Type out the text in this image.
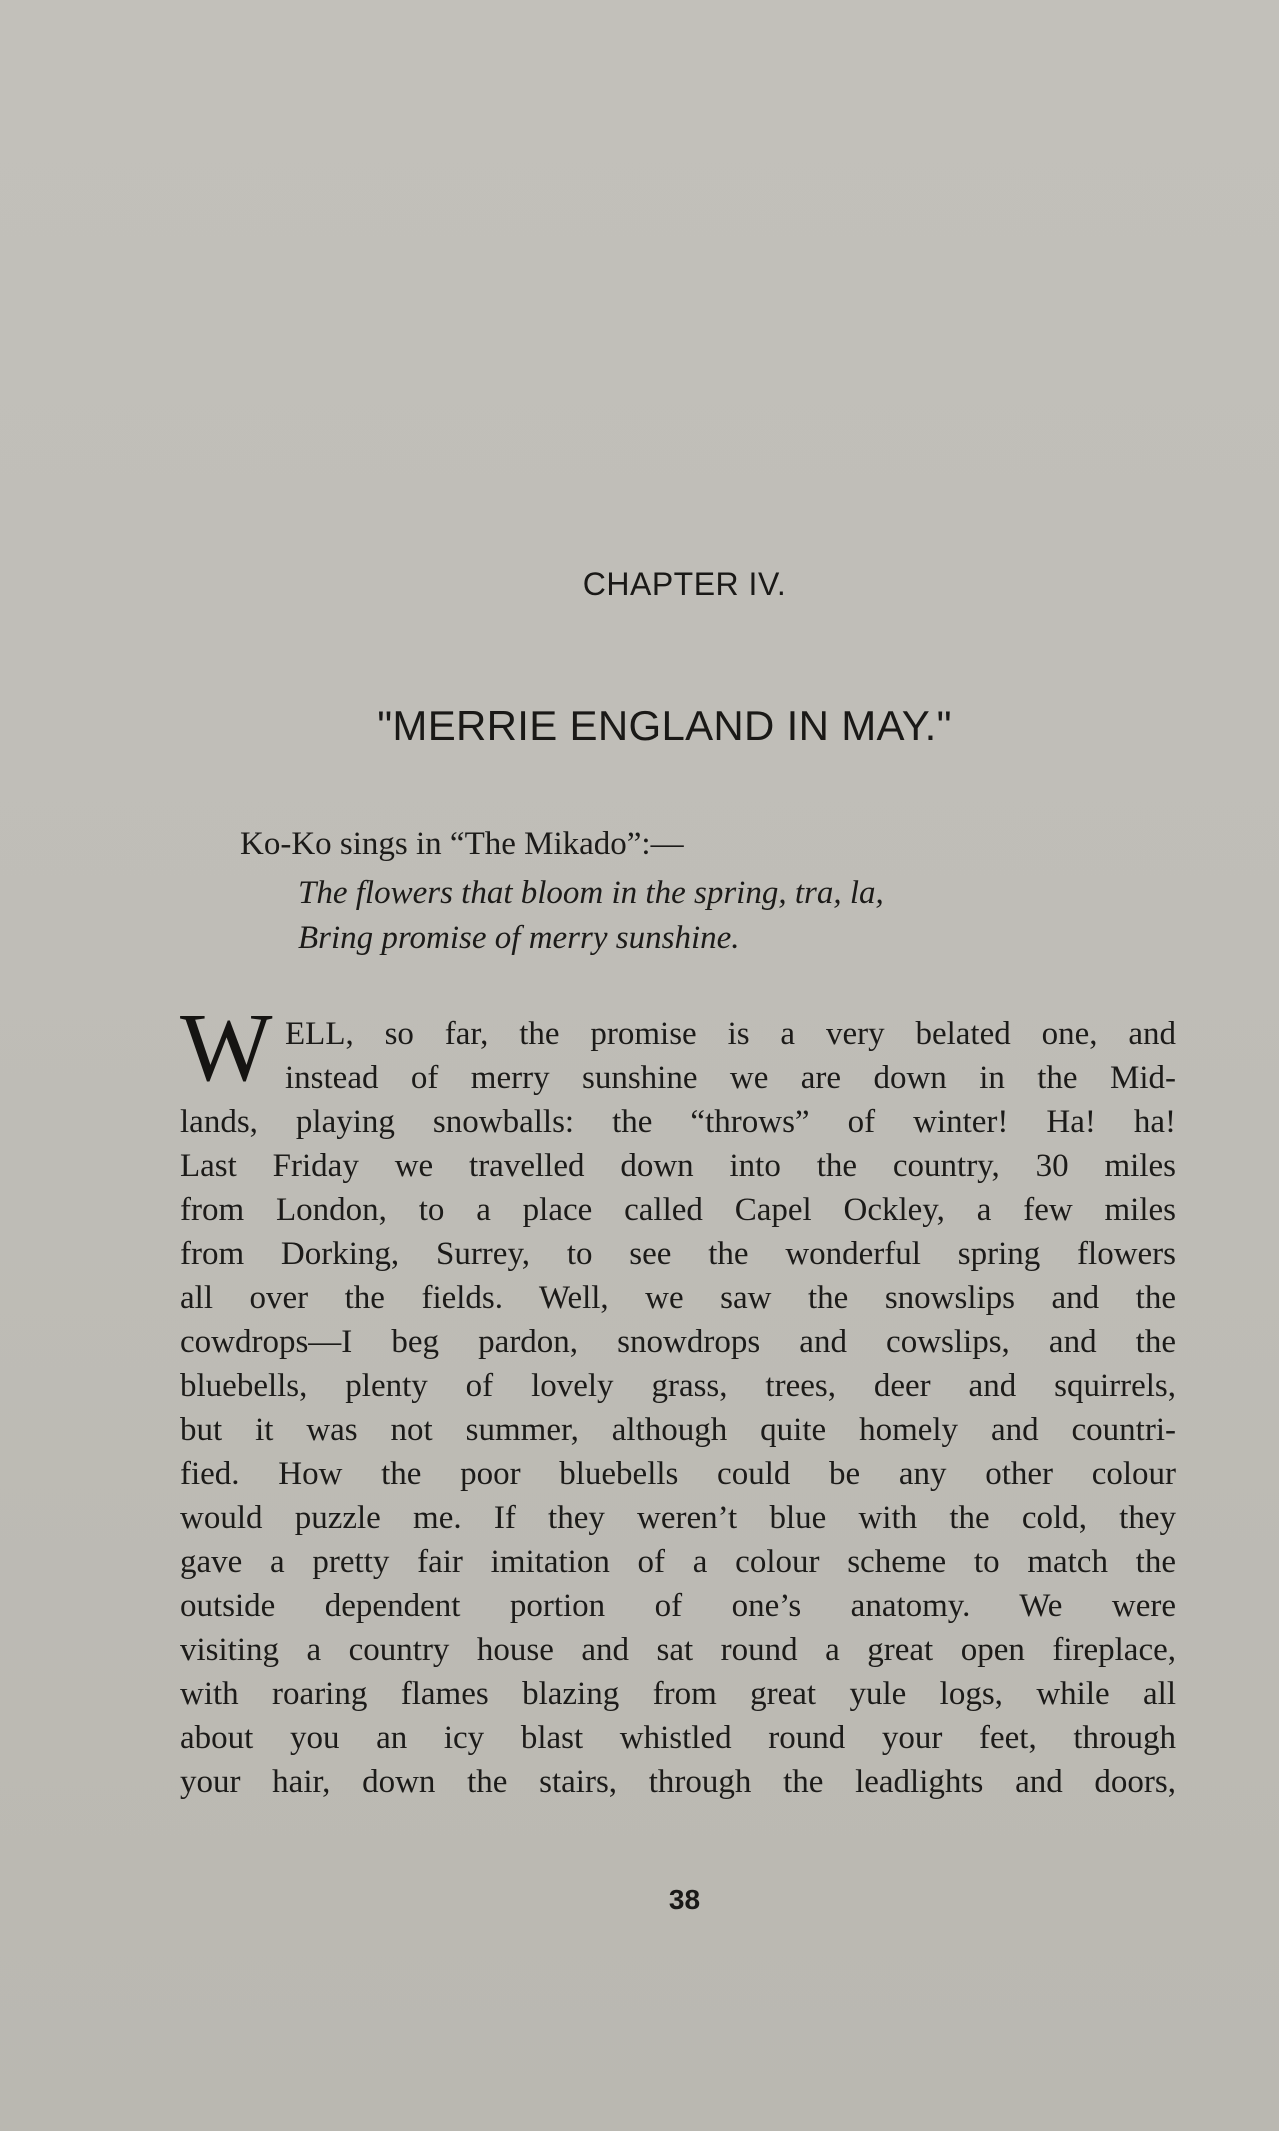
CHAPTER IV.
"MERRIE ENGLAND IN MAY."
Ko-Ko sings in “The Mikado”:—
The flowers that bloom in the spring, tra, la,
Bring promise of merry sunshine.
W ELL, so far, the promise is a very belated one, and
instead of merry sunshine we are down in the Mid-
lands, playing snowballs: the “throws” of winter! Ha! ha!
Last Friday we travelled down into the country, 30 miles
from London, to a place called Capel Ockley, a few miles
from Dorking, Surrey, to see the wonderful spring flowers
all over the fields. Well, we saw the snowslips and the
cowdrops—I beg pardon, snowdrops and cowslips, and the
bluebells, plenty of lovely grass, trees, deer and squirrels,
but it was not summer, although quite homely and countri-
fied. How the poor bluebells could be any other colour
would puzzle me. If they weren’t blue with the cold, they
gave a pretty fair imitation of a colour scheme to match the
outside dependent portion of one’s anatomy. We were
visiting a country house and sat round a great open fireplace,
with roaring flames blazing from great yule logs, while all
about you an icy blast whistled round your feet, through
your hair, down the stairs, through the leadlights and doors,
38
